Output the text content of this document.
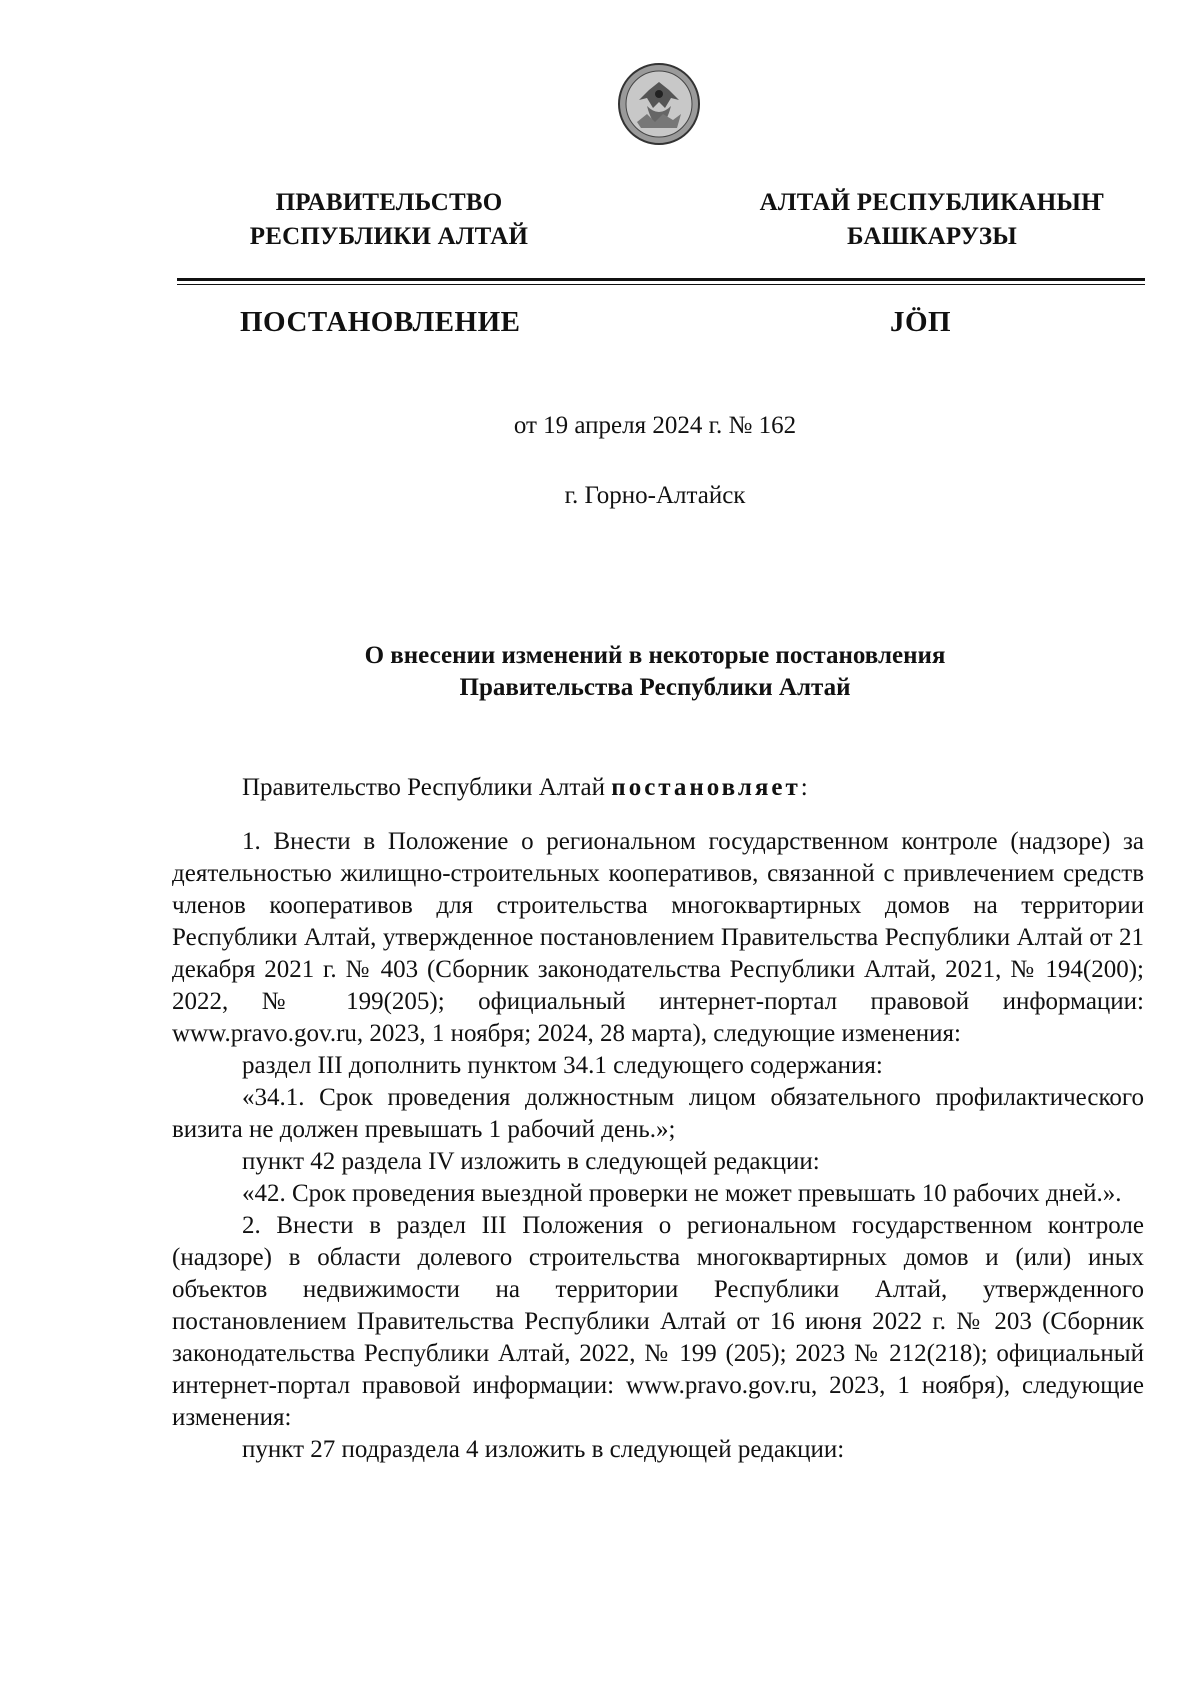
ПРАВИТЕЛЬСТВО
РЕСПУБЛИКИ АЛТАЙ
АЛТАЙ РЕСПУБЛИКАНЫҤ
БАШКАРУЗЫ
ПОСТАНОВЛЕНИЕ	JӦП
от 19 апреля 2024 г. № 162
г. Горно-Алтайск
О внесении изменений в некоторые постановления
Правительства Республики Алтай

Правительство Республики Алтай постановляет:

1. Внести в Положение о региональном государственном контроле (надзоре) за деятельностью жилищно-строительных кооперативов, связанной с привлечением средств членов кооперативов для строительства многоквартирных домов на территории Республики Алтай, утвержденное постановлением Правительства Республики Алтай от 21 декабря 2021 г. № 403 (Сборник законодательства Республики Алтай, 2021, № 194(200); 2022, № 199(205); официальный интернет-портал правовой информации: www.pravo.gov.ru, 2023, 1 ноября; 2024, 28 марта), следующие изменения:

раздел III дополнить пунктом 34.1 следующего содержания:

«34.1. Срок проведения должностным лицом обязательного профилактического визита не должен превышать 1 рабочий день.»;

пункт 42 раздела IV изложить в следующей редакции:

«42. Срок проведения выездной проверки не может превышать 10 рабочих дней.».

2. Внести в раздел III Положения о региональном государственном контроле (надзоре) в области долевого строительства многоквартирных домов и (или) иных объектов недвижимости на территории Республики Алтай, утвержденного постановлением Правительства Республики Алтай от 16 июня 2022 г. № 203 (Сборник законодательства Республики Алтай, 2022, № 199 (205); 2023 № 212(218); официальный интернет-портал правовой информации: www.pravo.gov.ru, 2023, 1 ноября), следующие изменения:

пункт 27 подраздела 4 изложить в следующей редакции:
